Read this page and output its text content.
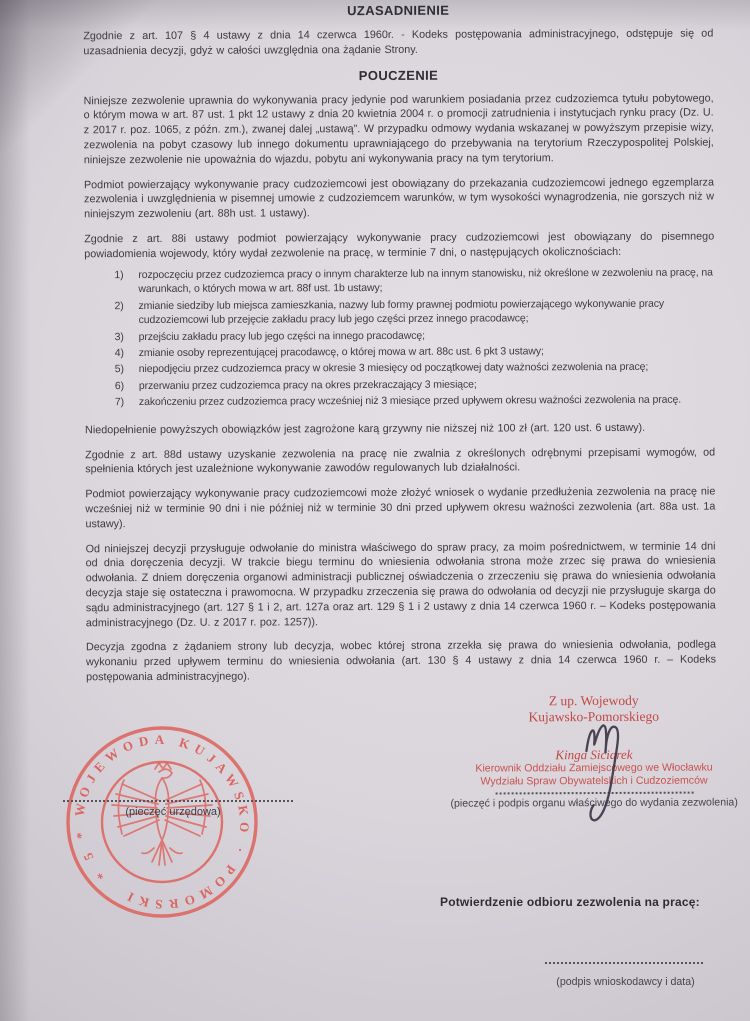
UZASADNIENIE

Zgodnie z art. 107 § 4 ustawy z dnia 14 czerwca 1960r. - Kodeks postępowania administracyjnego, odstępuje się od uzasadnienia decyzji, gdyż w całości uwzględnia ona żądanie Strony.

POUCZENIE

Niniejsze zezwolenie uprawnia do wykonywania pracy jedynie pod warunkiem posiadania przez cudzoziemca tytułu pobytowego, o którym mowa w art. 87 ust. 1 pkt 12 ustawy z dnia 20 kwietnia 2004 r. o promocji zatrudnienia i instytucjach rynku pracy (Dz. U. z 2017 r. poz. 1065, z późn. zm.), zwanej dalej „ustawą”. W przypadku odmowy wydania wskazanej w powyższym przepisie wizy, zezwolenia na pobyt czasowy lub innego dokumentu uprawniającego do przebywania na terytorium Rzeczypospolitej Polskiej, niniejsze zezwolenie nie upoważnia do wjazdu, pobytu ani wykonywania pracy na tym terytorium.

Podmiot powierzający wykonywanie pracy cudzoziemcowi jest obowiązany do przekazania cudzoziemcowi jednego egzemplarza zezwolenia i uwzględnienia w pisemnej umowie z cudzoziemcem warunków, w tym wysokości wynagrodzenia, nie gorszych niż w niniejszym zezwoleniu (art. 88h ust. 1 ustawy).

Zgodnie z art. 88i ustawy podmiot powierzający wykonywanie pracy cudzoziemcowi jest obowiązany do pisemnego powiadomienia wojewody, który wydał zezwolenie na pracę, w terminie 7 dni, o następujących okolicznościach:

1)	rozpoczęciu przez cudzoziemca pracy o innym charakterze lub na innym stanowisku, niż określone w zezwoleniu na pracę, na warunkach, o których mowa w art. 88f ust. 1b ustawy;
2)	zmianie siedziby lub miejsca zamieszkania, nazwy lub formy prawnej podmiotu powierzającego wykonywanie pracy cudzoziemcowi lub przejęcie zakładu pracy lub jego części przez innego pracodawcę;
3)	przejściu zakładu pracy lub jego części na innego pracodawcę;
4)	zmianie osoby reprezentującej pracodawcę, o której mowa w art. 88c ust. 6 pkt 3 ustawy;
5)	niepodjęciu przez cudzoziemca pracy w okresie 3 miesięcy od początkowej daty ważności zezwolenia na pracę;
6)	przerwaniu przez cudzoziemca pracy na okres przekraczający 3 miesiące;
7)	zakończeniu przez cudzoziemca pracy wcześniej niż 3 miesiące przed upływem okresu ważności zezwolenia na pracę.

Niedopełnienie powyższych obowiązków jest zagrożone karą grzywny nie niższej niż 100 zł (art. 120 ust. 6 ustawy).

Zgodnie z art. 88d ustawy uzyskanie zezwolenia na pracę nie zwalnia z określonych odrębnymi przepisami wymogów, od spełnienia których jest uzależnione wykonywanie zawodów regulowanych lub działalności.

Podmiot powierzający wykonywanie pracy cudzoziemcowi może złożyć wniosek o wydanie przedłużenia zezwolenia na pracę nie wcześniej niż w terminie 90 dni i nie później niż w terminie 30 dni przed upływem okresu ważności zezwolenia (art. 88a ust. 1a ustawy).

Od niniejszej decyzji przysługuje odwołanie do ministra właściwego do spraw pracy, za moim pośrednictwem, w terminie 14 dni od dnia doręczenia decyzji. W trakcie biegu terminu do wniesienia odwołania strona może zrzec się prawa do wniesienia odwołania. Z dniem doręczenia organowi administracji publicznej oświadczenia o zrzeczeniu się prawa do wniesienia odwołania decyzja staje się ostateczna i prawomocna. W przypadku zrzeczenia się prawa do odwołania od decyzji nie przysługuje skarga do sądu administracyjnego (art. 127 § 1 i 2, art. 127a oraz art. 129 § 1 i 2 ustawy z dnia 14 czerwca 1960 r. – Kodeks postępowania administracyjnego (Dz. U. z 2017 r. poz. 1257)).

Decyzja zgodna z żądaniem strony lub decyzja, wobec której strona zrzekła się prawa do wniesienia odwołania, podlega wykonaniu przed upływem terminu do wniesienia odwołania (art. 130 § 4 ustawy z dnia 14 czerwca 1960 r. – Kodeks postępowania administracyjnego).

Z up. Wojewody
Kujawsko-Pomorskiego
Kinga Siciarek
Kierownik Oddziału Zamiejscowego we Włocławku
Wydziału Spraw Obywatelskich i Cudzoziemców
(pieczęć i podpis organu właściwego do wydania zezwolenia)
* 5 * WOJEWODA KUJAWSKO · POMORSKI
(pieczęć urzędowa)
Potwierdzenie odbioru zezwolenia na pracę:
(podpis wnioskodawcy i data)
